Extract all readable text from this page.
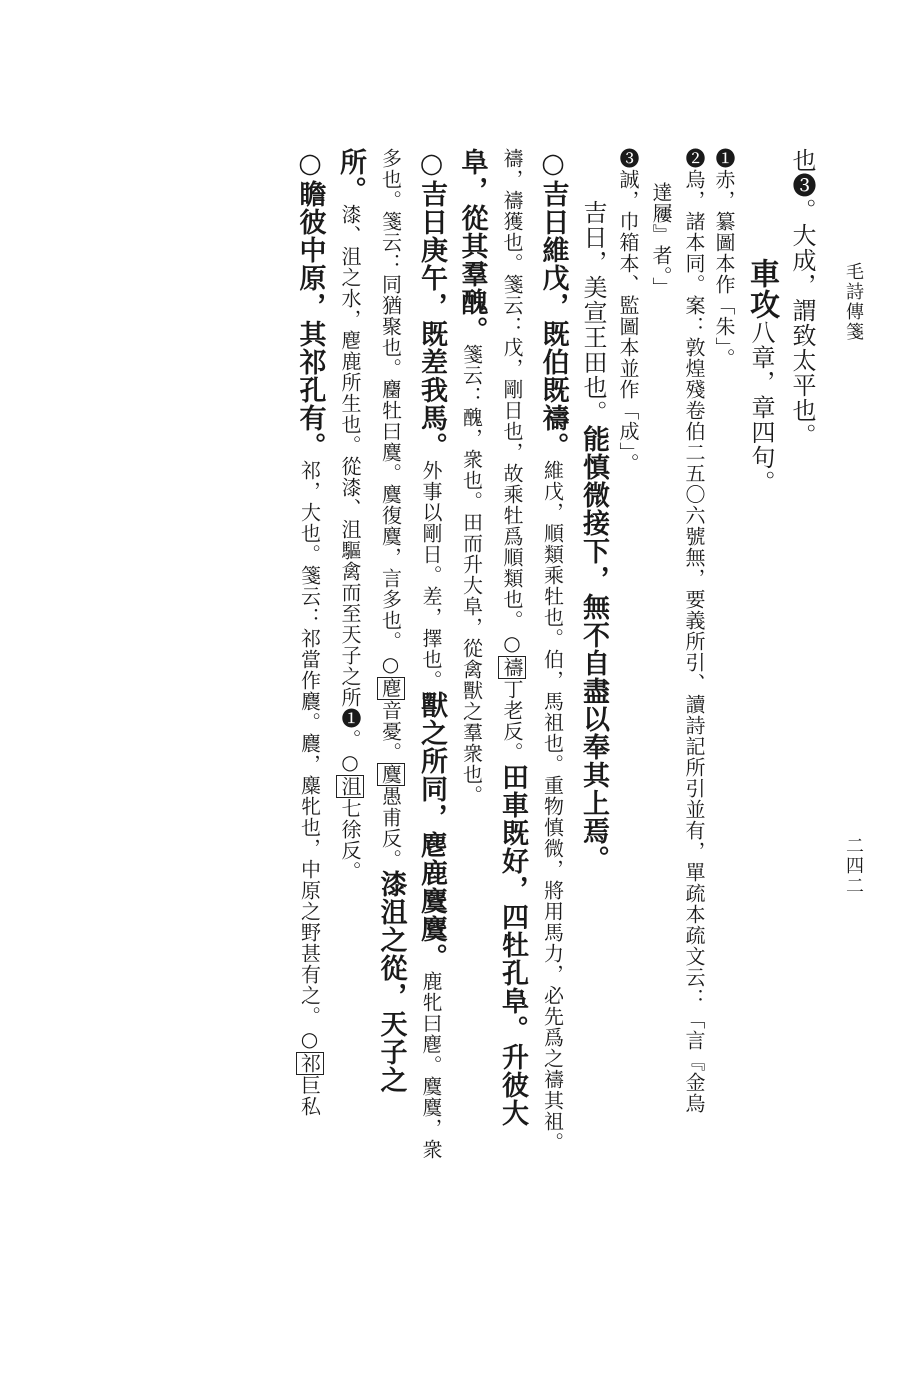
毛詩傳箋
二四二
也❸。大成，謂致太平也。
車攻八章，章四句。
❶赤，纂圖本作「朱」。
❷烏，諸本同。案：敦煌殘卷伯二五〇六號無，要義所引、讀詩記所引並有，單疏本疏文云：「言『金烏
達屨』者。」
❸誠，巾箱本、監圖本並作「成」。
吉日，美宣王田也。能慎微接下，無不自盡以奉其上焉。
○吉日維戊，既伯既禱。維戊，順類乘牡也。伯，馬祖也。重物慎微，將用馬力，必先爲之禱其祖。
禱，禱獲也。箋云：戊，剛日也，故乘牡爲順類也。○禱丁老反。田車既好，四牡孔阜。升彼大
阜，從其羣醜。箋云：醜，衆也。田而升大阜，從禽獸之羣衆也。
○吉日庚午，既差我馬。外事以剛日。差，擇也。獸之所同，麀鹿麌麌。鹿牝曰麀。麌麌，衆
多也。箋云：同猶聚也。麕牡曰麌。麌復麌，言多也。○麀音憂。麌愚甫反。漆沮之從，天子之
所。漆、沮之水，麀鹿所生也。從漆、沮驅禽而至天子之所❶。○沮七徐反。
○瞻彼中原，其祁孔有。祁，大也。箋云：祁當作麎。麎，麋牝也，中原之野甚有之。○祁巨私
